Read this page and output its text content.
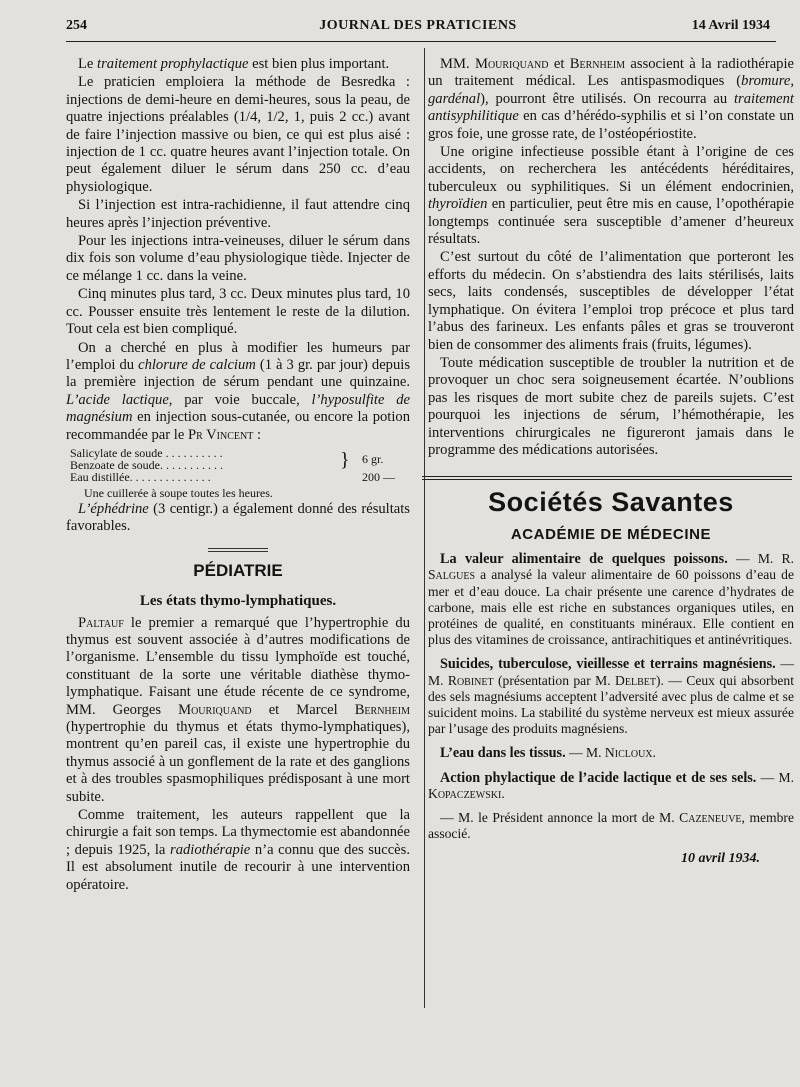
254	JOURNAL DES PRATICIENS	14 Avril 1934

Le traitement prophylactique est bien plus important.

Le praticien emploiera la méthode de Besredka : injections de demi-heure en demi-heures, sous la peau, de quatre injections préalables (1/4, 1/2, 1, puis 2 cc.) avant de faire l’injection massive ou bien, ce qui est plus aisé : injection de 1 cc. quatre heures avant l’injection totale. On peut également diluer le sérum dans 250 cc. d’eau physiologique.

Si l’injection est intra-rachidienne, il faut attendre cinq heures après l’injection préventive.

Pour les injections intra-veineuses, diluer le sérum dans dix fois son volume d’eau physiologique tiède. Injecter de ce mélange 1 cc. dans la veine.

Cinq minutes plus tard, 3 cc. Deux minutes plus tard, 10 cc. Pousser ensuite très lentement le reste de la dilution. Tout cela est bien compliqué.

On a cherché en plus à modifier les humeurs par l’emploi du chlorure de calcium (1 à 3 gr. par jour) depuis la première injection de sérum pendant une quinzaine. L’acide lactique, par voie buccale, l’hyposulfite de magnésium en injection sous-cutanée, ou encore la potion recommandée par le Pr Vincent :

Salicylate de soude . . . . . . . . . .
Benzoate de soude. . . . . . . . . . .	} 6 gr.
Eau distillée. . . . . . . . . . . . . .	200 —
Une cuillerée à soupe toutes les heures.

L’éphédrine (3 centigr.) a également donné des résultats favorables.

PÉDIATRIE
Les états thymo-lymphatiques.

Paltauf le premier a remarqué que l’hypertrophie du thymus est souvent associée à d’autres modifications de l’organisme. L’ensemble du tissu lymphoïde est touché, constituant de la sorte une véritable diathèse thymo-lymphatique. Faisant une étude récente de ce syndrome, MM. Georges Mouriquand et Marcel Bernheim (hypertrophie du thymus et états thymo-lymphatiques), montrent qu’en pareil cas, il existe une hypertrophie du thymus associé à un gonflement de la rate et des ganglions et à des troubles spasmophiliques prédisposant à une mort subite.

Comme traitement, les auteurs rappellent que la chirurgie a fait son temps. La thymectomie est abandonnée ; depuis 1925, la radiothérapie n’a connu que des succès. Il est absolument inutile de recourir à une intervention opératoire.

MM. Mouriquand et Bernheim associent à la radiothérapie un traitement médical. Les antispasmodiques (bromure, gardénal), pourront être utilisés. On recourra au traitement antisyphilitique en cas d’hérédo-syphilis et si l’on constate un gros foie, une grosse rate, de l’ostéopériostite.

Une origine infectieuse possible étant à l’origine de ces accidents, on recherchera les antécédents héréditaires, tuberculeux ou syphilitiques. Si un élément endocrinien, thyroïdien en particulier, peut être mis en cause, l’opothérapie longtemps continuée sera susceptible d’amener d’heureux résultats.

C’est surtout du côté de l’alimentation que porteront les efforts du médecin. On s’abstiendra des laits stérilisés, laits secs, laits condensés, susceptibles de développer l’état lymphatique. On évitera l’emploi trop précoce et plus tard l’abus des farineux. Les enfants pâles et gras se trouveront bien de consommer des aliments frais (fruits, légumes).

Toute médication susceptible de troubler la nutrition et de provoquer un choc sera soigneusement écartée. N’oublions pas les risques de mort subite chez de pareils sujets. C’est pourquoi les injections de sérum, l’hémothérapie, les interventions chirurgicales ne figureront jamais dans le programme des médications autorisées.

Sociétés Savantes
ACADÉMIE DE MÉDECINE

La valeur alimentaire de quelques poissons. — M. R. Salgues a analysé la valeur alimentaire de 60 poissons d’eau de mer et d’eau douce. La chair présente une carence d’hydrates de carbone, mais elle est riche en substances organiques utiles, en protéines de qualité, en constituants minéraux. Elle contient en plus des vitamines de croissance, antirachitiques et antinévritiques.

Suicides, tuberculose, vieillesse et terrains magnésiens. — M. Robinet (présentation par M. Delbet). — Ceux qui absorbent des sels magnésiums acceptent l’adversité avec plus de calme et se suicident moins. La stabilité du système nerveux est mieux assurée par l’usage des produits magnésiens.

L’eau dans les tissus. — M. Nicloux.

Action phylactique de l’acide lactique et de ses sels. — M. Kopaczewski.

— M. le Président annonce la mort de M. Cazeneuve, membre associé.

10 avril 1934.
